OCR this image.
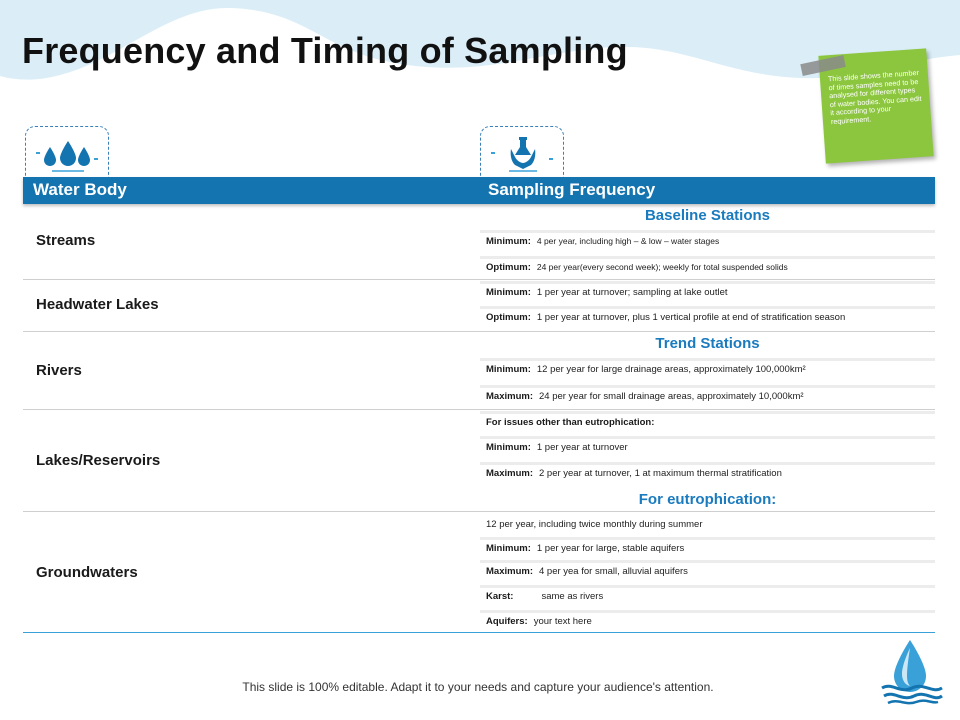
Frequency and Timing of Sampling

This slide shows the number of times samples need to be analysed for different types of water bodies. You can edit it according to your requirement.

Water Body	Sampling Frequency
Streams
Headwater Lakes
Rivers
Lakes/Reservoirs
Groundwaters
Baseline Stations
Trend Stations
For eutrophication:
Minimum: 4 per year, including high – & low – water stages
Optimum: 24 per year(every second week); weekly for total suspended solids
Minimum: 1 per year at turnover; sampling at lake outlet
Optimum: 1 per year at turnover, plus 1 vertical profile at end of stratification season
Minimum: 12 per year for large drainage areas, approximately 100,000km²
Maximum: 24 per year for small drainage areas, approximately 10,000km²
For issues other than eutrophication:
Minimum: 1 per year at turnover
Maximum: 2 per year at turnover, 1 at maximum thermal stratification
12 per year, including twice monthly during summer
Minimum: 1 per year for large, stable aquifers
Maximum: 4 per yea for small, alluvial aquifers
Karst:	same as rivers
Aquifers: your text here
This slide is 100% editable. Adapt it to your needs and capture your audience's attention.
